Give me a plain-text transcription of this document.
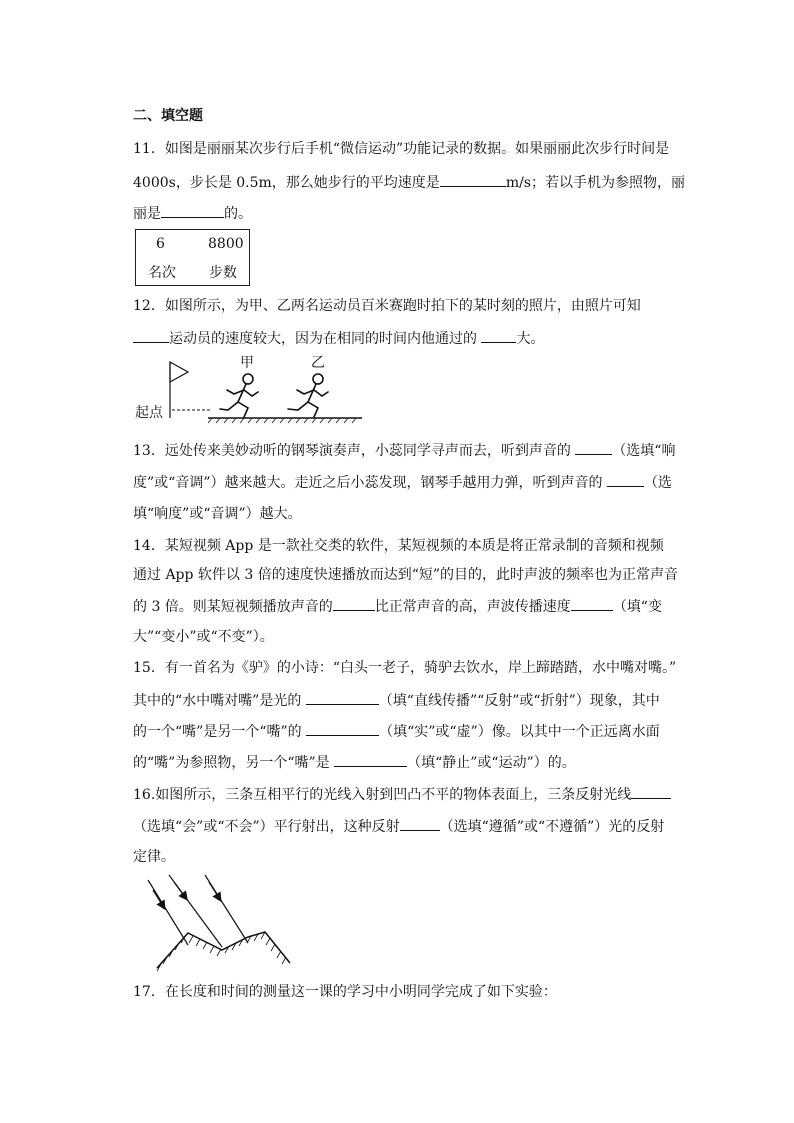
二、填空题
11．如图是丽丽某次步行后手机“微信运动”功能记录的数据。如果丽丽此次步行时间是
4000s，步长是 0.5m，那么她步行的平均速度是	m/s；若以手机为参照物，丽
丽是	的。
6	8800
名次 步数
12．如图所示，为甲、乙两名运动员百米赛跑时拍下的某时刻的照片，由照片可知
运动员的速度较大，因为在相同的时间内他通过的	大。
甲	乙
起点
13．远处传来美妙动听的钢琴演奏声，小蕊同学寻声而去，听到声音的	（选填“响
度”或“音调”）越来越大。走近之后小蕊发现，钢琴手越用力弹，听到声音的	（选
填“响度”或“音调”）越大。
14．某短视频 App 是一款社交类的软件，某短视频的本质是将正常录制的音频和视频
通过 App 软件以 3 倍的速度快速播放而达到“短”的目的，此时声波的频率也为正常声音
的 3 倍。则某短视频播放声音的	比正常声音的高，声波传播速度	（填“变
大”“变小”或“不变”）。
15．有一首名为《驴》的小诗：“白头一老子，骑驴去饮水，岸上蹄踏踏，水中嘴对嘴。”
其中的“水中嘴对嘴”是光的	（填“直线传播”“反射”或“折射”）现象，其中
的一个“嘴”是另一个“嘴”的	（填“实”或“虚”）像。以其中一个正远离水面
的“嘴”为参照物，另一个“嘴”是	（填“静止”或“运动”）的。
16.如图所示，三条互相平行的光线入射到凹凸不平的物体表面上，三条反射光线
（选填“会”或“不会”）平行射出，这种反射	（选填“遵循”或“不遵循”）光的反射
定律。
17．在长度和时间的测量这一课的学习中小明同学完成了如下实验：
